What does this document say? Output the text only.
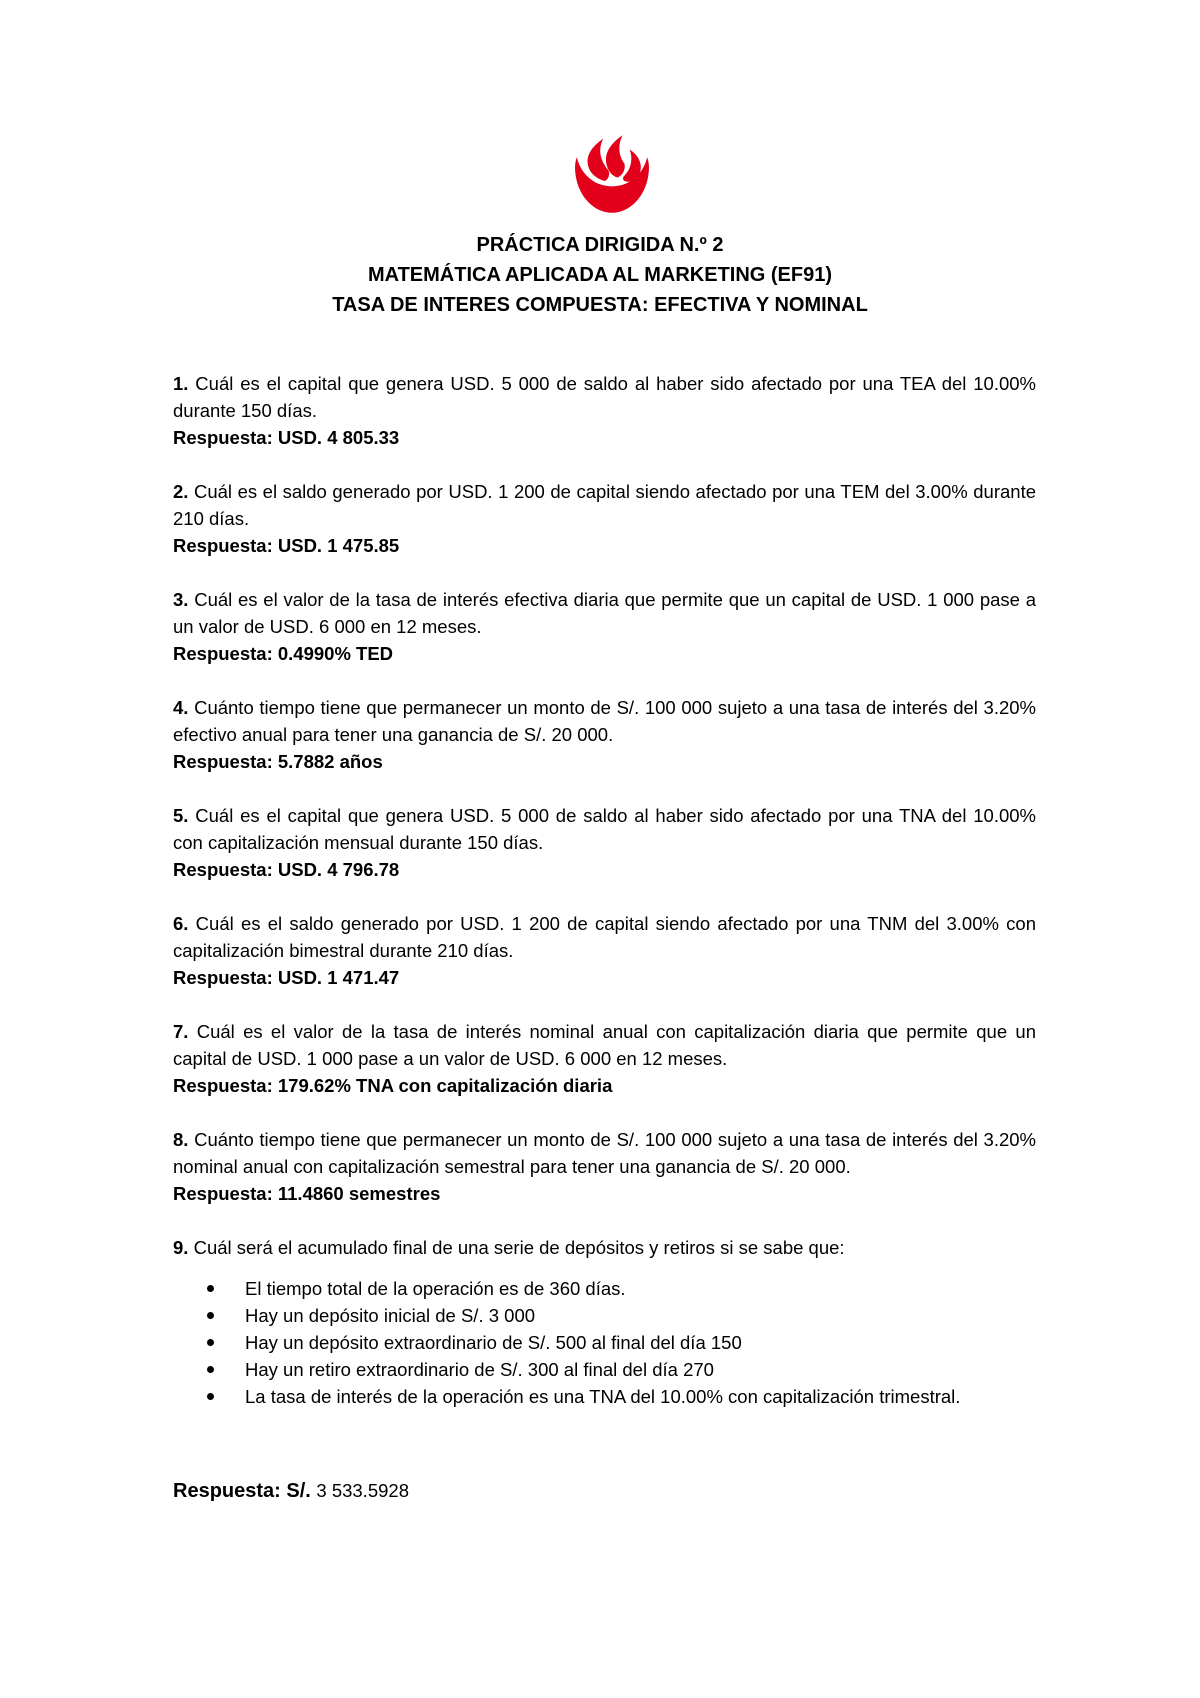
PRÁCTICA DIRIGIDA N.º 2
MATEMÁTICA APLICADA AL MARKETING (EF91)
TASA DE INTERES COMPUESTA: EFECTIVA Y NOMINAL

1. Cuál es el capital que genera USD. 5 000 de saldo al haber sido afectado por una TEA del 10.00% durante 150 días.

Respuesta: USD. 4 805.33

2. Cuál es el saldo generado por USD. 1 200 de capital siendo afectado por una TEM del 3.00% durante 210 días.

Respuesta: USD. 1 475.85

3. Cuál es el valor de la tasa de interés efectiva diaria que permite que un capital de USD. 1 000 pase a un valor de USD. 6 000 en 12 meses.

Respuesta: 0.4990% TED

4. Cuánto tiempo tiene que permanecer un monto de S/. 100 000 sujeto a una tasa de interés del 3.20% efectivo anual para tener una ganancia de S/. 20 000.

Respuesta: 5.7882 años

5. Cuál es el capital que genera USD. 5 000 de saldo al haber sido afectado por una TNA del 10.00% con capitalización mensual durante 150 días.

Respuesta: USD. 4 796.78

6. Cuál es el saldo generado por USD. 1 200 de capital siendo afectado por una TNM del 3.00% con capitalización bimestral durante 210 días.

Respuesta: USD. 1 471.47

7. Cuál es el valor de la tasa de interés nominal anual con capitalización diaria que permite que un capital de USD. 1 000 pase a un valor de USD. 6 000 en 12 meses.

Respuesta: 179.62% TNA con capitalización diaria

8. Cuánto tiempo tiene que permanecer un monto de S/. 100 000 sujeto a una tasa de interés del 3.20% nominal anual con capitalización semestral para tener una ganancia de S/. 20 000.

Respuesta: 11.4860 semestres

9. Cuál será el acumulado final de una serie de depósitos y retiros si se sabe que:

El tiempo total de la operación es de 360 días.
Hay un depósito inicial de S/. 3 000
Hay un depósito extraordinario de S/. 500 al final del día 150
Hay un retiro extraordinario de S/. 300 al final del día 270
La tasa de interés de la operación es una TNA del 10.00% con capitalización trimestral.
Respuesta: S/. 3 533.5928
